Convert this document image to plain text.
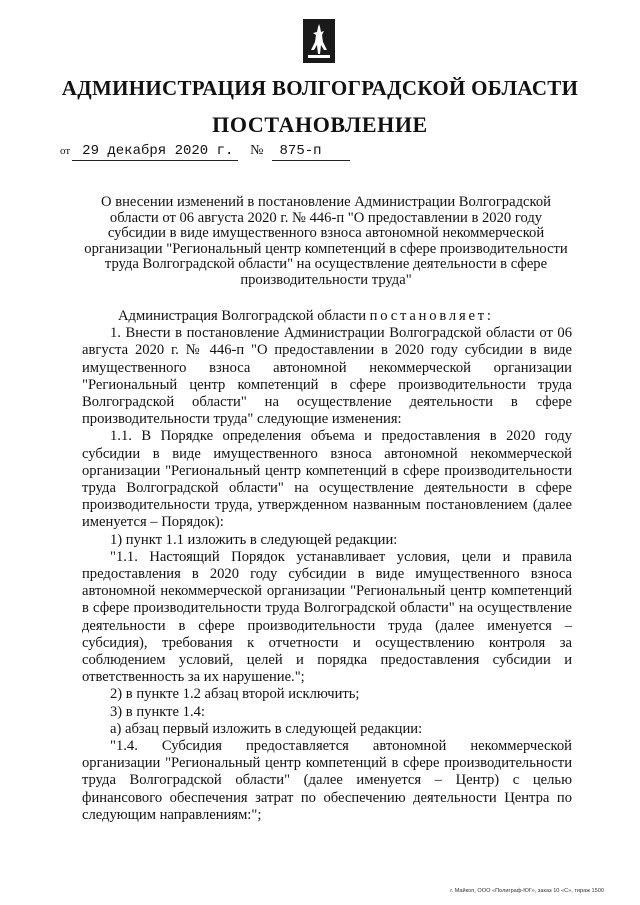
АДМИНИСТРАЦИЯ ВОЛГОГРАДСКОЙ ОБЛАСТИ
ПОСТАНОВЛЕНИЕ
от 29 декабря 2020 г.	№	875-п
О внесении изменений в постановление Администрации Волгоградской области от 06 августа 2020 г. № 446-п "О предоставлении в 2020 году субсидии в виде имущественного взноса автономной некоммерческой организации "Региональный центр компетенций в сфере производительности труда Волгоградской области" на осуществление деятельности в сфере производительности труда"

Администрация Волгоградской области постановляет:

1. Внести в постановление Администрации Волгоградской области от 06 августа 2020 г. № 446-п "О предоставлении в 2020 году субсидии в виде имущественного взноса автономной некоммерческой организации "Региональный центр компетенций в сфере производительности труда Волгоградской области" на осуществление деятельности в сфере производительности труда" следующие изменения:

1.1. В Порядке определения объема и предоставления в 2020 году субсидии в виде имущественного взноса автономной некоммерческой организации "Региональный центр компетенций в сфере производительности труда Волгоградской области" на осуществление деятельности в сфере производительности труда, утвержденном названным постановлением (далее именуется – Порядок):

1) пункт 1.1 изложить в следующей редакции:

"1.1. Настоящий Порядок устанавливает условия, цели и правила предоставления в 2020 году субсидии в виде имущественного взноса автономной некоммерческой организации "Региональный центр компетенций в сфере производительности труда Волгоградской области" на осуществление деятельности в сфере производительности труда (далее именуется – субсидия), требования к отчетности и осуществлению контроля за соблюдением условий, целей и порядка предоставления субсидии и ответственность за их нарушение.";

2) в пункте 1.2 абзац второй исключить;

3) в пункте 1.4:

а) абзац первый изложить в следующей редакции:

"1.4. Субсидия предоставляется автономной некоммерческой организации "Региональный центр компетенций в сфере производительности труда Волгоградской области" (далее именуется – Центр) с целью финансового обеспечения затрат по обеспечению деятельности Центра по следующим направлениям:";

г. Майкоп, ООО «Полиграф-ЮГ», заказ 10 «С», тираж 1500
